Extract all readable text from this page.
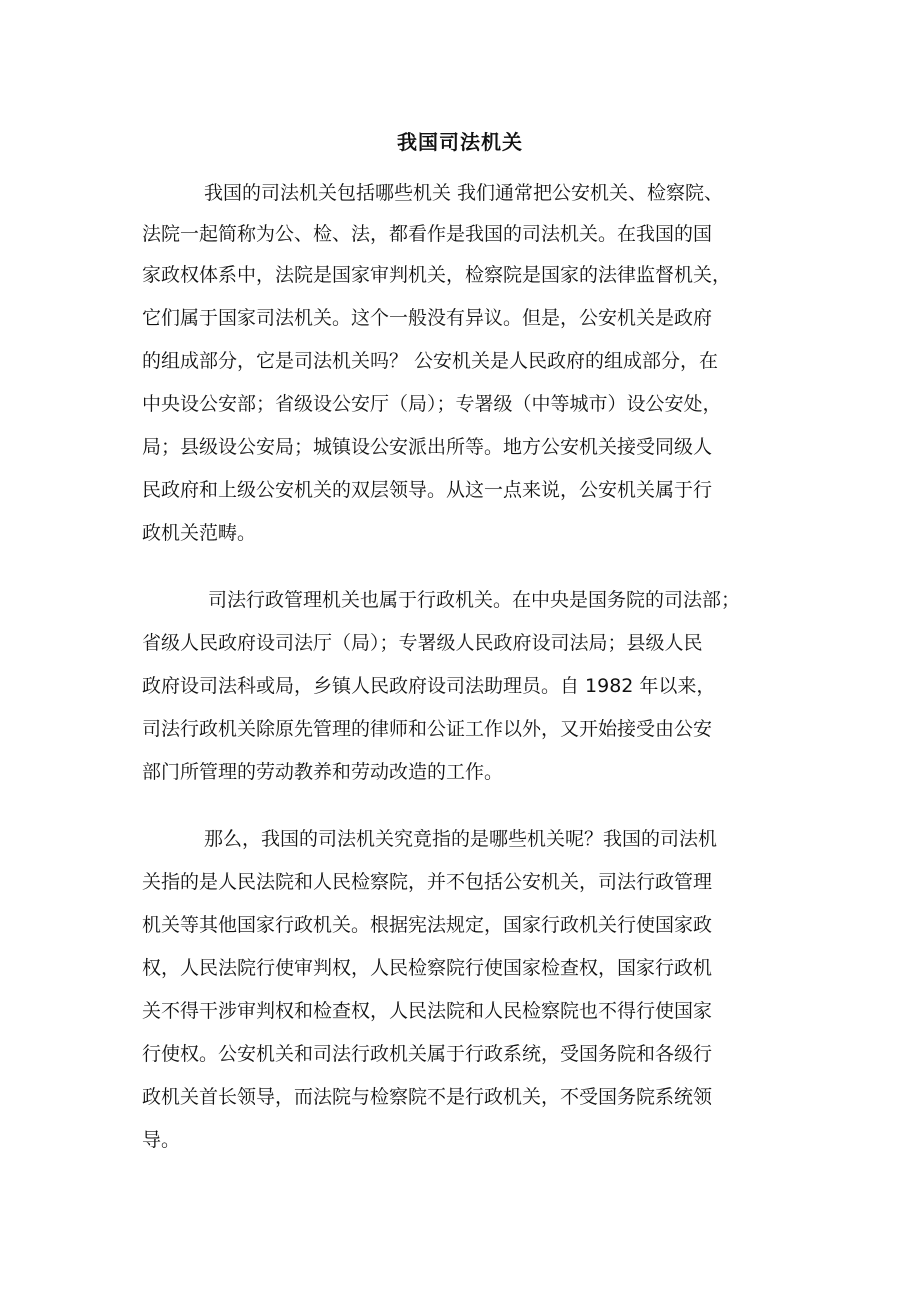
我国司法机关
我国的司法机关包括哪些机关 我们通常把公安机关、检察院、
法院一起简称为公、检、法，都看作是我国的司法机关。在我国的国
家政权体系中，法院是国家审判机关，检察院是国家的法律监督机关，
它们属于国家司法机关。这个一般没有异议。但是，公安机关是政府
的组成部分，它是司法机关吗？ 公安机关是人民政府的组成部分，在
中央设公安部；省级设公安厅（局）；专署级（中等城市）设公安处，
局；县级设公安局；城镇设公安派出所等。地方公安机关接受同级人
民政府和上级公安机关的双层领导。从这一点来说，公安机关属于行
政机关范畴。
司法行政管理机关也属于行政机关。在中央是国务院的司法部；
省级人民政府设司法厅（局）；专署级人民政府设司法局；县级人民
政府设司法科或局，乡镇人民政府设司法助理员。自 1982 年以来，
司法行政机关除原先管理的律师和公证工作以外，又开始接受由公安
部门所管理的劳动教养和劳动改造的工作。
那么，我国的司法机关究竟指的是哪些机关呢？我国的司法机
关指的是人民法院和人民检察院，并不包括公安机关，司法行政管理
机关等其他国家行政机关。根据宪法规定，国家行政机关行使国家政
权，人民法院行使审判权，人民检察院行使国家检查权，国家行政机
关不得干涉审判权和检查权，人民法院和人民检察院也不得行使国家
行使权。公安机关和司法行政机关属于行政系统，受国务院和各级行
政机关首长领导，而法院与检察院不是行政机关，不受国务院系统领
导。
